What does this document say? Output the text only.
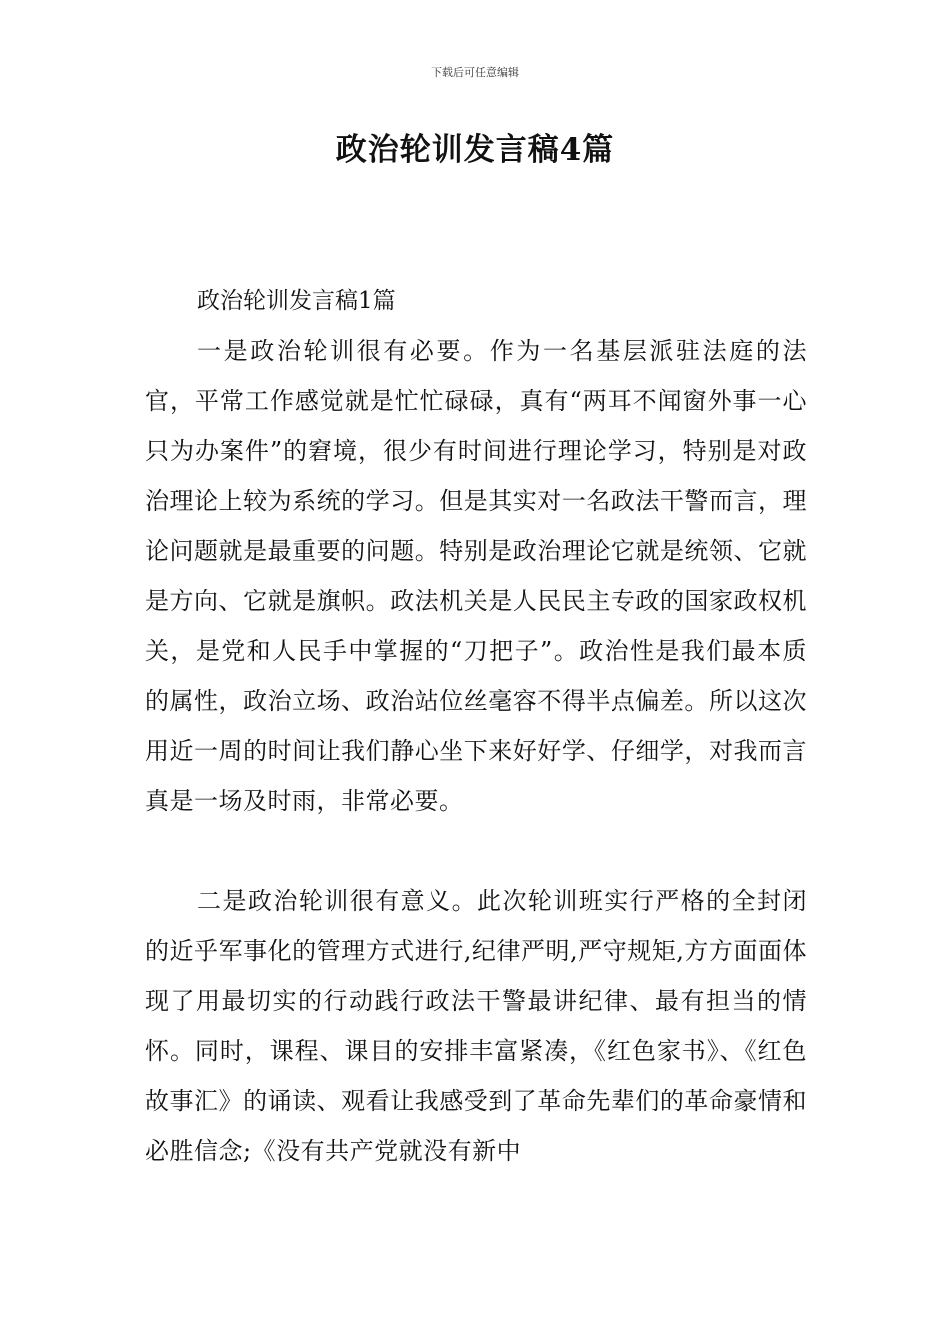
下载后可任意编辑
政治轮训发言稿4篇

政治轮训发言稿1篇

一是政治轮训很有必要。作为一名基层派驻法庭的法官，平常工作感觉就是忙忙碌碌，真有“两耳不闻窗外事一心只为办案件”的窘境，很少有时间进行理论学习，特别是对政治理论上较为系统的学习。但是其实对一名政法干警而言，理论问题就是最重要的问题。特别是政治理论它就是统领、它就是方向、它就是旗帜。政法机关是人民民主专政的国家政权机关，是党和人民手中掌握的“刀把子”。政治性是我们最本质的属性，政治立场、政治站位丝毫容不得半点偏差。所以这次用近一周的时间让我们静心坐下来好好学、仔细学，对我而言真是一场及时雨，非常必要。

二是政治轮训很有意义。此次轮训班实行严格的全封闭的近乎军事化的管理方式进行,纪律严明,严守规矩,方方面面体现了用最切实的行动践行政法干警最讲纪律、最有担当的情怀。同时，课程、课目的安排丰富紧凑，《红色家书》、《红色故事汇》的诵读、观看让我感受到了革命先辈们的革命豪情和必胜信念;《没有共产党就没有新中
